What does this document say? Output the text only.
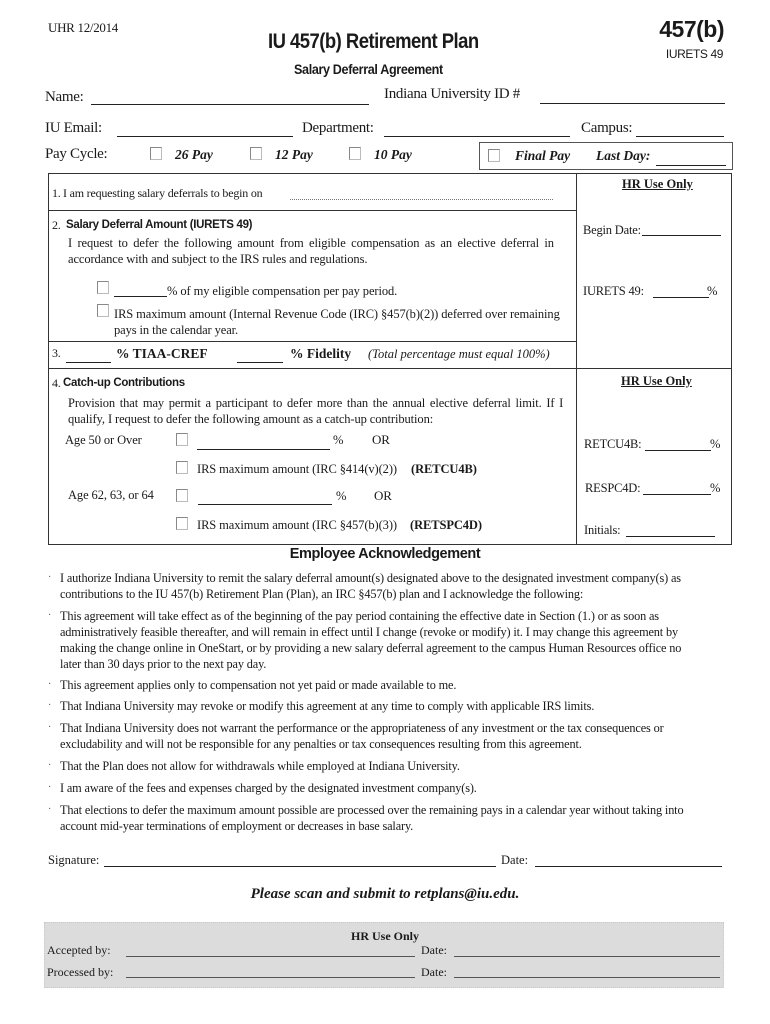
UHR 12/2014
IU 457(b) Retirement Plan
Salary Deferral Agreement
457(b)
IURETS 49
Name:	Indiana University ID #
IU Email:	Department:	Campus:
Pay Cycle:	26 Pay	12 Pay	10 Pay	Final Pay Last Day:
1. I am requesting salary deferrals to begin on
HR Use Only
Begin Date:
IURETS 49:	%
2. Salary Deferral Amount (IURETS 49)
I request to defer the following amount from eligible compensation as an elective deferral in
accordance with and subject to the IRS rules and regulations.
% of my eligible compensation per pay period.
IRS maximum amount (Internal Revenue Code (IRC) §457(b)(2)) deferred over remaining
pays in the calendar year.
3.	% TIAA-CREF	% Fidelity (Total percentage must equal 100%)
4. Catch-up Contributions
Provision that may permit a participant to defer more than the annual elective deferral limit. If I
qualify, I request to defer the following amount as a catch-up contribution:
Age 50 or Over	% OR
IRS maximum amount (IRC §414(v)(2)) (RETCU4B)
Age 62, 63, or 64	% OR
IRS maximum amount (IRC §457(b)(3)) (RETSPC4D)
HR Use Only
RETCU4B:	%
RESPC4D:	%
Initials:
Employee Acknowledgement
· I authorize Indiana University to remit the salary deferral amount(s) designated above to the designated investment company(s) as
contributions to the IU 457(b) Retirement Plan (Plan), an IRC §457(b) plan and I acknowledge the following:
· This agreement will take effect as of the beginning of the pay period containing the effective date in Section (1.) or as soon as
administratively feasible thereafter, and will remain in effect until I change (revoke or modify) it. I may change this agreement by
making the change online in OneStart, or by providing a new salary deferral agreement to the campus Human Resources office no
later than 30 days prior to the next pay day.
· This agreement applies only to compensation not yet paid or made available to me.
· That Indiana University may revoke or modify this agreement at any time to comply with applicable IRS limits.
· That Indiana University does not warrant the performance or the appropriateness of any investment or the tax consequences or
excludability and will not be responsible for any penalties or tax consequences resulting from this agreement.
· That the Plan does not allow for withdrawals while employed at Indiana University.
· I am aware of the fees and expenses charged by the designated investment company(s).
· That elections to defer the maximum amount possible are processed over the remaining pays in a calendar year without taking into
account mid-year terminations of employment or decreases in base salary.
Signature:	Date:
Please scan and submit to retplans@iu.edu.
HR Use Only
Accepted by:	Date:
Processed by:	Date:
